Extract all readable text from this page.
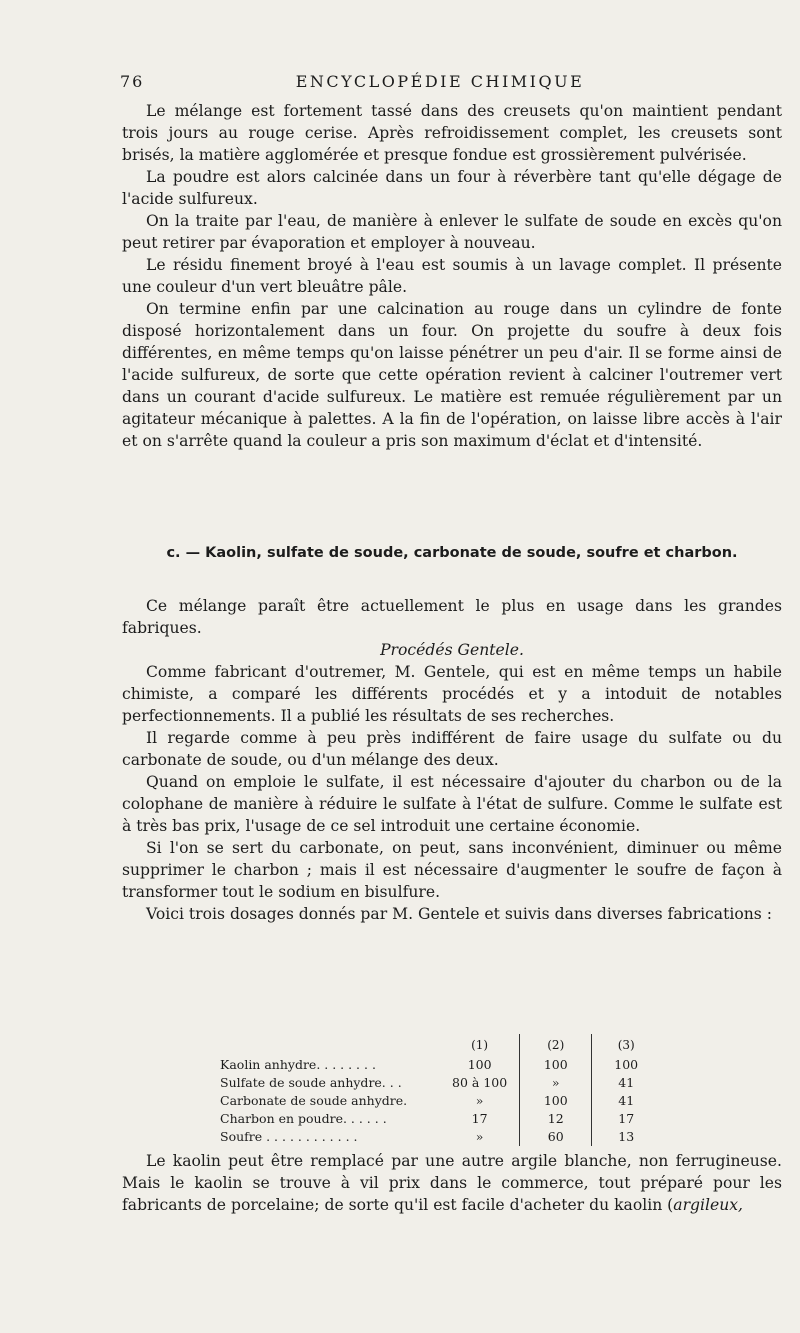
76	ENCYCLOPÉDIE CHIMIQUE

Le mélange est fortement tassé dans des creusets qu'on maintient pendant trois jours au rouge cerise. Après refroidissement complet, les creusets sont brisés, la matière agglomérée et presque fondue est grossièrement pulvérisée.

La poudre est alors calcinée dans un four à réverbère tant qu'elle dégage de l'acide sulfureux.

On la traite par l'eau, de manière à enlever le sulfate de soude en excès qu'on peut retirer par évaporation et employer à nouveau.

Le résidu finement broyé à l'eau est soumis à un lavage complet. Il présente une couleur d'un vert bleuâtre pâle.

On termine enfin par une calcination au rouge dans un cylindre de fonte disposé horizontalement dans un four. On projette du soufre à deux fois différentes, en même temps qu'on laisse pénétrer un peu d'air. Il se forme ainsi de l'acide sulfureux, de sorte que cette opération revient à calciner l'outremer vert dans un courant d'acide sulfureux. Le matière est remuée régulièrement par un agitateur mécanique à palettes. A la fin de l'opération, on laisse libre accès à l'air et on s'arrête quand la couleur a pris son maximum d'éclat et d'intensité.

c. — Kaolin, sulfate de soude, carbonate de soude, soufre et charbon.

Ce mélange paraît être actuellement le plus en usage dans les grandes fabriques.

Procédés Gentele.

Comme fabricant d'outremer, M. Gentele, qui est en même temps un habile chimiste, a comparé les différents procédés et y a intoduit de notables perfectionnements. Il a publié les résultats de ses recherches.

Il regarde comme à peu près indifférent de faire usage du sulfate ou du carbonate de soude, ou d'un mélange des deux.

Quand on emploie le sulfate, il est nécessaire d'ajouter du charbon ou de la colophane de manière à réduire le sulfate à l'état de sulfure. Comme le sulfate est à très bas prix, l'usage de ce sel introduit une certaine économie.

Si l'on se sert du carbonate, on peut, sans inconvénient, diminuer ou même supprimer le charbon ; mais il est nécessaire d'augmenter le soufre de façon à transformer tout le sodium en bisulfure.

Voici trois dosages donnés par M. Gentele et suivis dans diverses fabrications :

	(1)	(2)	(3)
Kaolin anhydre. . . . . . . .	100	100	100
Sulfate de soude anhydre. . .	80 à 100	»	41
Carbonate de soude anhydre.	»	100	41
Charbon en poudre. . . . . .	17	12	17
Soufre . . . . . . . . . . . .	»	60	13

Le kaolin peut être remplacé par une autre argile blanche, non ferrugineuse. Mais le kaolin se trouve à vil prix dans le commerce, tout préparé pour les fabricants de porcelaine; de sorte qu'il est facile d'acheter du kaolin (argileux,
